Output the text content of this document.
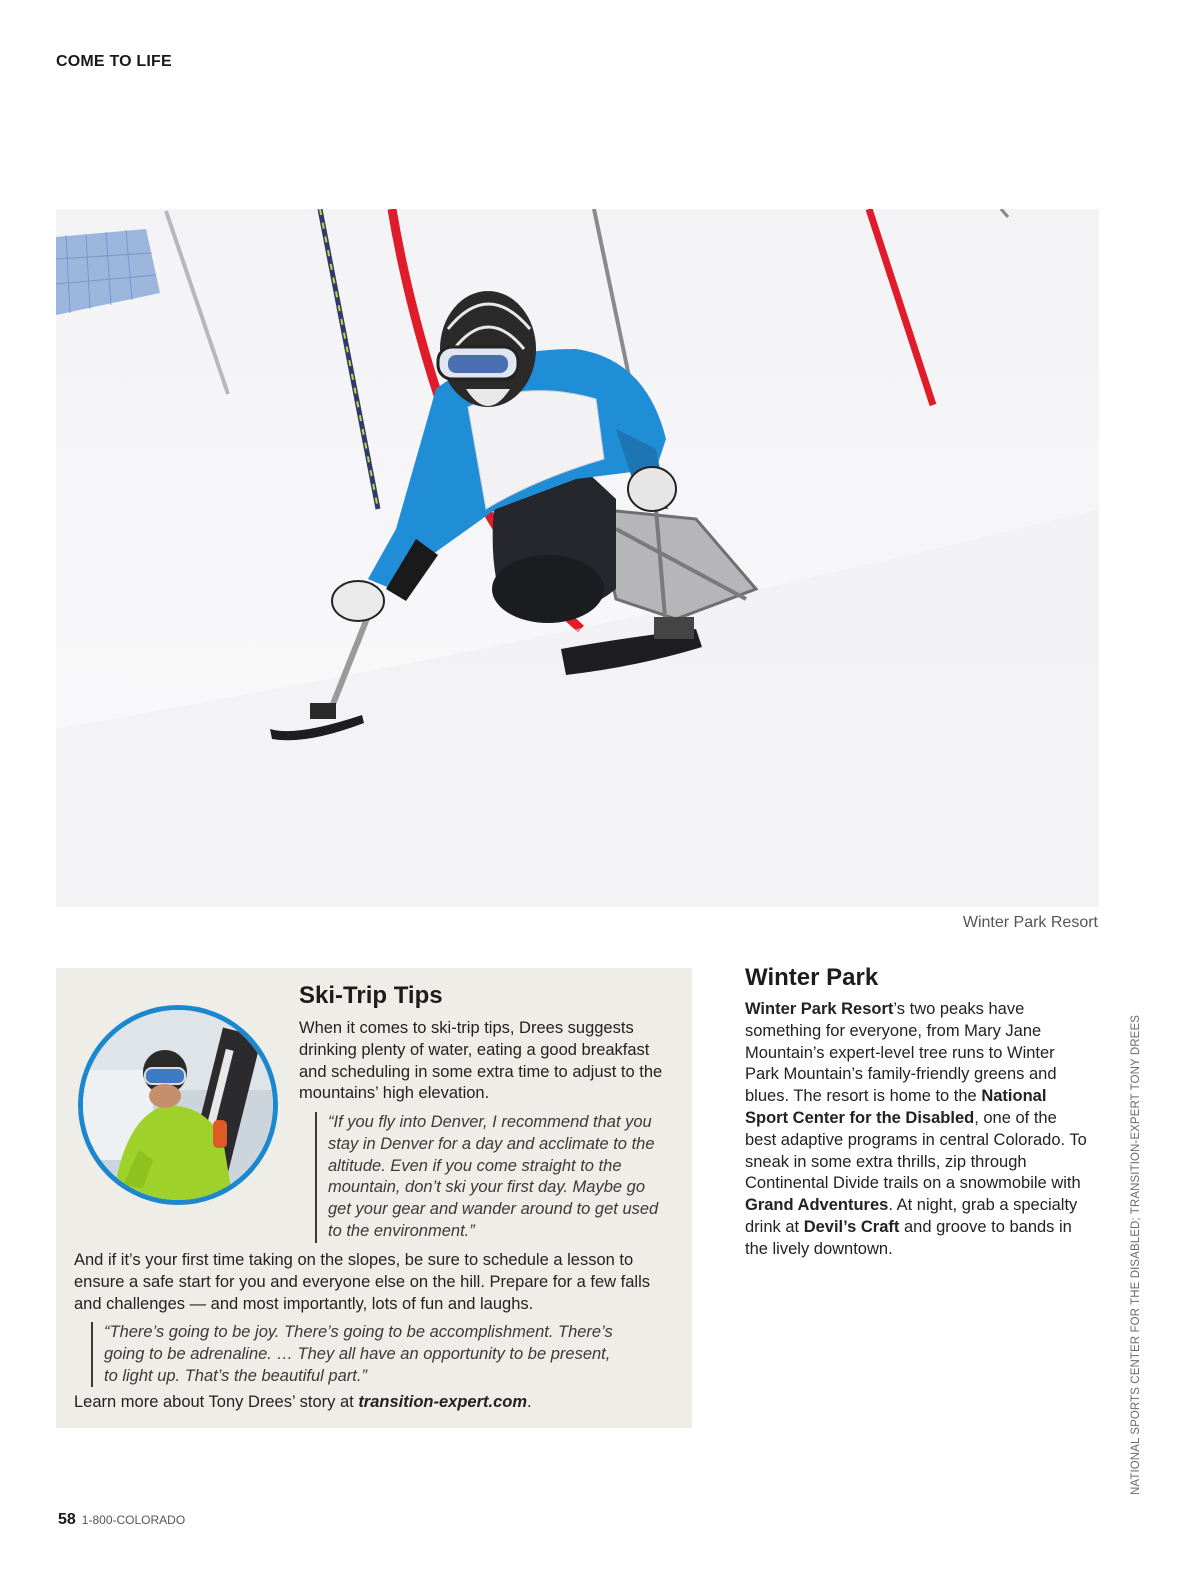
COME TO LIFE
Winter Park Resort
Ski-Trip Tips

When it comes to ski-trip tips, Drees suggests drinking plenty of water, eating a good breakfast and scheduling in some extra time to adjust to the mountains’ high elevation.

“If you fly into Denver, I recommend that you stay in Denver for a day and acclimate to the altitude. Even if you come straight to the mountain, don’t ski your first day. Maybe go get your gear and wander around to get used to the environment.”

And if it’s your first time taking on the slopes, be sure to schedule a lesson to ensure a safe start for you and everyone else on the hill. Prepare for a few falls and challenges — and most importantly, lots of fun and laughs.

“There’s going to be joy. There’s going to be accomplishment. There’s going to be adrenaline. … They all have an opportunity to be present, to light up. That’s the beautiful part.”

Learn more about Tony Drees’ story at transition-expert.com.

Winter Park

Winter Park Resort’s two peaks have something for everyone, from Mary Jane Mountain’s expert-level tree runs to Winter Park Mountain’s family-friendly greens and blues. The resort is home to the National Sport Center for the Disabled, one of the best adaptive programs in central Colorado. To sneak in some extra thrills, zip through Continental Divide trails on a snowmobile with Grand Adventures. At night, grab a specialty drink at Devil’s Craft and groove to bands in the lively downtown.	NATIONAL SPORTS CENTER FOR THE DISABLED; TRANSITION-EXPERT TONY DREES
58 1-800-COLORADO
